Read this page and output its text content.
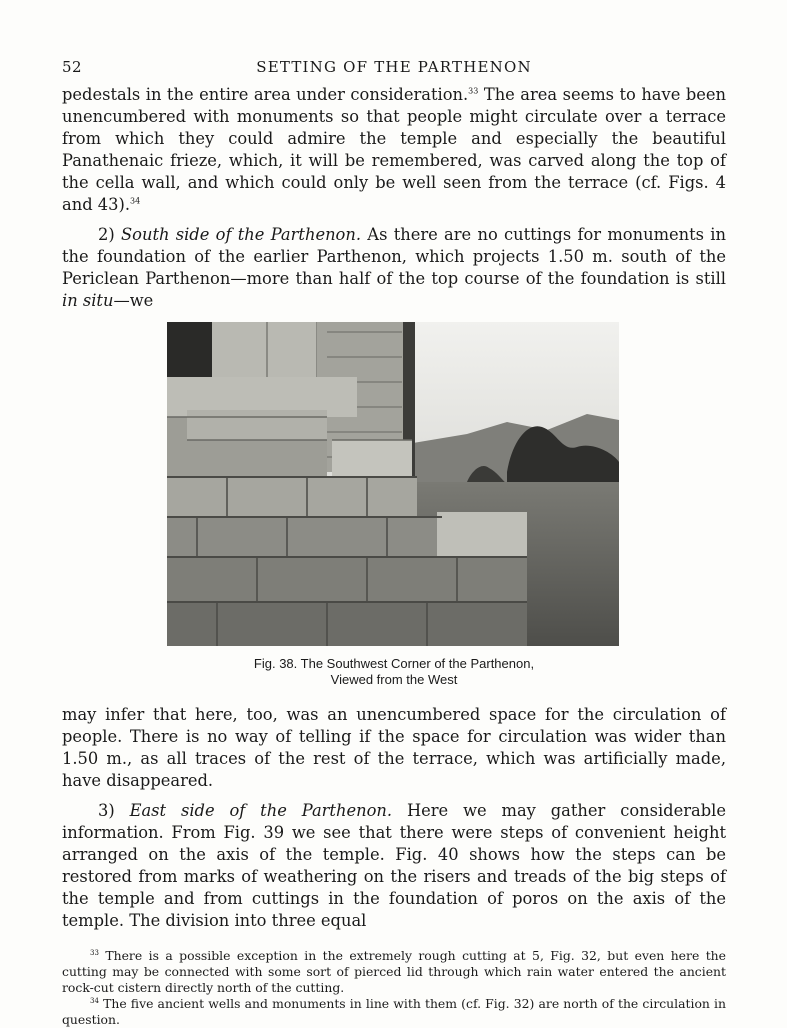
52	SETTING OF THE PARTHENON

pedestals in the entire area under consideration.$^{33}$ The area seems to have been unencumbered with monuments so that people might circulate over a terrace from which they could admire the temple and especially the beautiful Panathenaic frieze, which, it will be remembered, was carved along the top of the cella wall, and which could only be well seen from the terrace (cf. Figs. 4 and 43).$^{34}$

2) South side of the Parthenon. As there are no cuttings for monuments in the foundation of the earlier Parthenon, which projects 1.50 m. south of the Periclean Parthenon—more than half of the top course of the foundation is still in situ—we

Fig. 38. The Southwest Corner of the Parthenon,
Viewed from the West

may infer that here, too, was an unencumbered space for the circulation of people. There is no way of telling if the space for circulation was wider than 1.50 m., as all traces of the rest of the terrace, which was artificially made, have disappeared.

3) East side of the Parthenon. Here we may gather considerable information. From Fig. 39 we see that there were steps of convenient height arranged on the axis of the temple. Fig. 40 shows how the steps can be restored from marks of weathering on the risers and treads of the big steps of the temple and from cuttings in the foundation of poros on the axis of the temple. The division into three equal

$^{33}$ There is a possible exception in the extremely rough cutting at 5, Fig. 32, but even here the cutting may be connected with some sort of pierced lid through which rain water entered the ancient rock-cut cistern directly north of the cutting.

$^{34}$ The five ancient wells and monuments in line with them (cf. Fig. 32) are north of the circulation in question.
